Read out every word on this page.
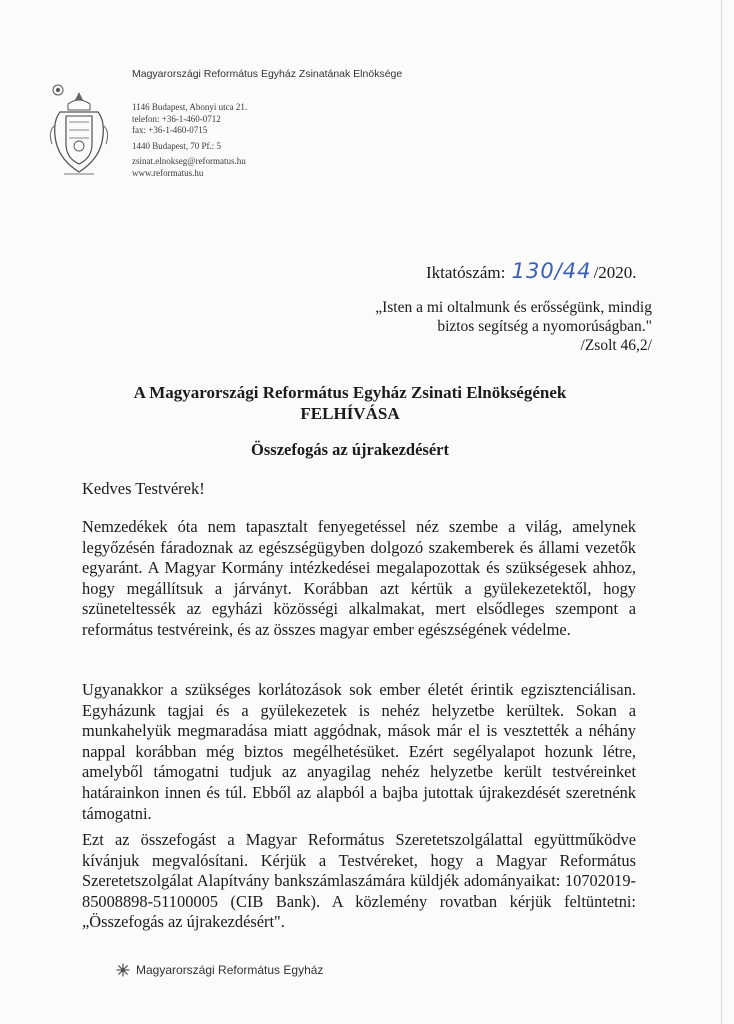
Magyarországi Református Egyház Zsinatának Elnöksége
1146 Budapest, Abonyi utca 21.
telefon: +36-1-460-0712
fax: +36-1-460-0715
1440 Budapest, 70 Pf.: 5
zsinat.elnokseg@reformatus.hu
www.reformatus.hu
Iktatószám: 130/44 /2020.
„Isten a mi oltalmunk és erősségünk, mindig
biztos segítség a nyomorúságban."
/Zsolt 46,2/
A Magyarországi Református Egyház Zsinati Elnökségének
FELHÍVÁSA
Összefogás az újrakezdésért
Kedves Testvérek!

Nemzedékek óta nem tapasztalt fenyegetéssel néz szembe a világ, amelynek legyőzésén fáradoznak az egészségügyben dolgozó szakemberek és állami vezetők egyaránt. A Magyar Kormány intézkedései megalapozottak és szükségesek ahhoz, hogy megállítsuk a járványt. Korábban azt kértük a gyülekezetektől, hogy szüneteltessék az egyházi közösségi alkalmakat, mert elsődleges szempont a református testvéreink, és az összes magyar ember egészségének védelme.

Ugyanakkor a szükséges korlátozások sok ember életét érintik egzisztenciálisan. Egyházunk tagjai és a gyülekezetek is nehéz helyzetbe kerültek. Sokan a munkahelyük megmaradása miatt aggódnak, mások már el is vesztették a néhány nappal korábban még biztos megélhetésüket. Ezért segélyalapot hozunk létre, amelyből támogatni tudjuk az anyagilag nehéz helyzetbe került testvéreinket határainkon innen és túl. Ebből az alapból a bajba jutottak újrakezdését szeretnénk támogatni.

Ezt az összefogást a Magyar Református Szeretetszolgálattal együttműködve kívánjuk megvalósítani. Kérjük a Testvéreket, hogy a Magyar Református Szeretetszolgálat Alapítvány bankszámlaszámára küldjék adományaikat: 10702019-85008898-51100005 (CIB Bank). A közlemény rovatban kérjük feltüntetni: „Összefogás az újrakezdésért".

Magyarországi Református Egyház
